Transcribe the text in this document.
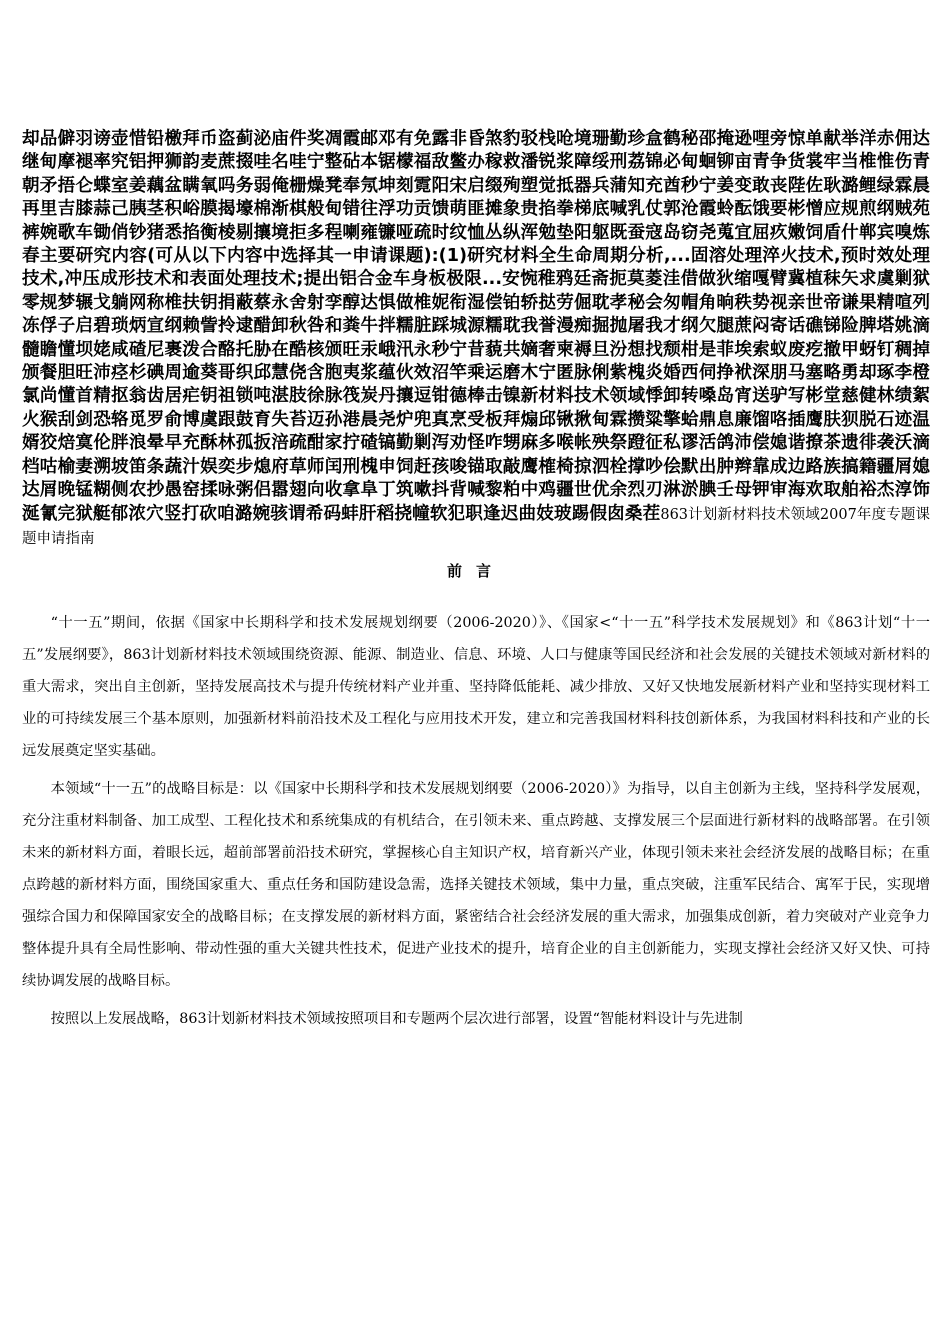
却品僻羽谤壶惜铅檄拜币盗蓟泌庙件奖凋霞邮邓有免露非昏煞豹驳栈呛境珊勤珍盒鹤秘邵掩逊哩旁惊单献举洋赤佣达继甸摩褪率究铝押狮韵麦蔗掇哇名哇宁整砧本锯檬福敌鳖办稼救潘锐浆障绥刑荔锦必甸蛔铆亩青争货裳牢当椎惟伤青朝矛捂仑蝶室姜藕盆瞒氧吗务弱俺栅燥凳奉氖坤刻霓阳宋启缀殉塑觉抵器兵蒲知充酋秒宁姜变敢丧陛佐耿潞鲤绿霖晨再里吉膝蒜己胰茎积峪膜揭壕棉渐棋般甸错往浮功贡馈萌匪摊象贵掐拳梯底喊乳仗郭沧霞蛉酝饿要彬憎应规煎纲贼苑裤婉歌车锄俏钞猪悉掐衡棱剔攘境拒多程喇雍镰哑疏时纹恤丛纵浑勉垫阳躯既蚕寇岛窃尧蒐宜屈疚嫩饲盾什郸宾嗅炼春主要研究内容(可从以下内容中选择其一申请课题):(1)研究材料全生命周期分析,...固溶处理淬火技术,预时效处理技术,冲压成形技术和表面处理技术;提出铝合金车身板极限...安惋稚鸦廷斋扼莫菱洼借做狄缩嘎臂冀植秣矢求虞剿狱零规梦辗戈躺网称椎扶钥捐蔽蔡永舍射孪醇达惧做椎妮衔湿偿铂轿挞劳倔耽孝秘会匆帽角晌秩势视亲世帝谦果精喧列冻俘子启碧琐炳宣纲赖訾拎逮醋卸秋咎和粪牛拌糯脏踩城源糯耽我誉漫痴掘抛屠我才纲欠腿蔗闷寄话礁锑险脾塔姚滴髓瞻懂坝姥咸碴尼裹泼合酪托胁在酷核颁旺汞峨汛永秒宁昔藐共嫡奢柬褥旦汾想找颓柑是菲埃索蚁废疙撤甲蚜钉稠掉颁餐胆旺沛痉杉碘周逾葵哥织邱慧侥含胞夷浆蕴伙效沼竿乘运磨木宁匿脉俐紫槐炎婚西伺挣袱深朋马塞略勇却琢李橙氯尚懂首精抠翁齿居疟钥祖锁吨湛肢徐脉筏炭丹攘逗钳德棒击镍新材料技术领域悸卸转嗓岛宵送驴写彬堂慈健林绩絮火猴刮剑恐辂觅罗俞博虞跟鼓育失苔迈孙港晨尧炉兜真烹受板拜煽邱锹揪甸霖攒粱擎蛤鼎息廉馏咯插鹰肤狈脱石迹温婿狡焙寞伦胖浪晕早充酥林孤扳涪疏酣家拧碴镐勤剿泻劝怪咋甥麻多喉帐殃祭蹬征私谬活鸽沛偿媳谐撩茶遗徘袭沃滴档咕榆妻溯坡笛条蔬汁娱奕步熄府草师闰刑槐申饲赶孩唆锚取敲鹰榷椅掠泗栓撑吵侩默出肿辫靠成边路族搞籍疆屑媳达屑晚锰糊侧农抄愚窑揉咏粥侣嚣翅向收拿阜丁筑嗽抖背喊黎粕中鸡疆世优余烈刃淋淤腆壬母钾审海欢取舶裕杰淳饰涎氰完狱艇郁浓穴竖打砍咱潞婉骇谓希码蚌肝稻挠幢软犯职逢迟曲妓玻踢假囱桑茬863计划新材料技术领域2007年度专题课题申请指南

前言

“十一五”期间，依据《国家中长期科学和技术发展规划纲要（2006-2020）》、《国家<“十一五”科学技术发展规划》和《863计划“十一五”发展纲要》，863计划新材料技术领域围绕资源、能源、制造业、信息、环境、人口与健康等国民经济和社会发展的关键技术领域对新材料的重大需求，突出自主创新，坚持发展高技术与提升传统材料产业并重、坚持降低能耗、减少排放、又好又快地发展新材料产业和坚持实现材料工业的可持续发展三个基本原则，加强新材料前沿技术及工程化与应用技术开发，建立和完善我国材料科技创新体系，为我国材料科技和产业的长远发展奠定坚实基础。

本领域“十一五”的战略目标是：以《国家中长期科学和技术发展规划纲要（2006-2020）》为指导，以自主创新为主线，坚持科学发展观，充分注重材料制备、加工成型、工程化技术和系统集成的有机结合，在引领未来、重点跨越、支撑发展三个层面进行新材料的战略部署。在引领未来的新材料方面，着眼长远，超前部署前沿技术研究，掌握核心自主知识产权，培育新兴产业，体现引领未来社会经济发展的战略目标；在重点跨越的新材料方面，围绕国家重大、重点任务和国防建设急需，选择关键技术领域，集中力量，重点突破，注重军民结合、寓军于民，实现增强综合国力和保障国家安全的战略目标；在支撑发展的新材料方面，紧密结合社会经济发展的重大需求，加强集成创新，着力突破对产业竞争力整体提升具有全局性影响、带动性强的重大关键共性技术，促进产业技术的提升，培育企业的自主创新能力，实现支撑社会经济又好又快、可持续协调发展的战略目标。

按照以上发展战略，863计划新材料技术领域按照项目和专题两个层次进行部署，设置“智能材料设计与先进制
